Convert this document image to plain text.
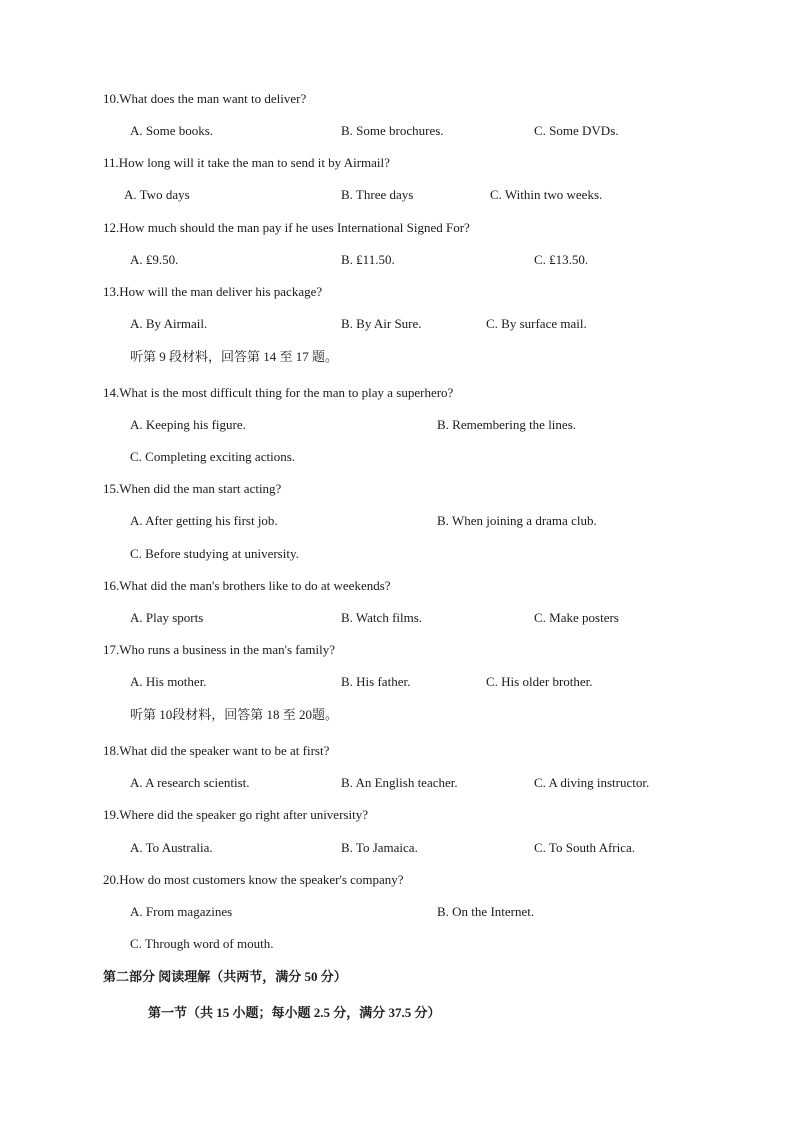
10.What does the man want to deliver?
A. Some books.	B. Some brochures.	C. Some DVDs.
11.How long will it take the man to send it by Airmail?
A. Two days	B. Three days	C. Within two weeks.
12.How much should the man pay if he uses International Signed For?
A. ₤9.50.	B. ₤11.50.	C. ₤13.50.
13.How will the man deliver his package?
A. By Airmail.	B. By Air Sure.	C. By surface mail.
听第 9 段材料，回答第 14 至 17 题。
14.What is the most difficult thing for the man to play a superhero?
A. Keeping his figure.	B. Remembering the lines.
C. Completing exciting actions.
15.When did the man start acting?
A. After getting his first job.	B. When joining a drama club.
C. Before studying at university.
16.What did the man's brothers like to do at weekends?
A. Play sports	B. Watch films.	C. Make posters
17.Who runs a business in the man's family?
A. His mother.	B. His father.	C. His older brother.
听第 10段材料，回答第 18 至 20题。
18.What did the speaker want to be at first?
A. A research scientist.	B. An English teacher.	C. A diving instructor.
19.Where did the speaker go right after university?
A. To Australia.	B. To Jamaica.	C. To South Africa.
20.How do most customers know the speaker's company?
A. From magazines	B. On the Internet.
C. Through word of mouth.
第二部分 阅读理解（共两节，满分 50 分）
第一节（共 15 小题；每小题 2.5 分，满分 37.5 分）
